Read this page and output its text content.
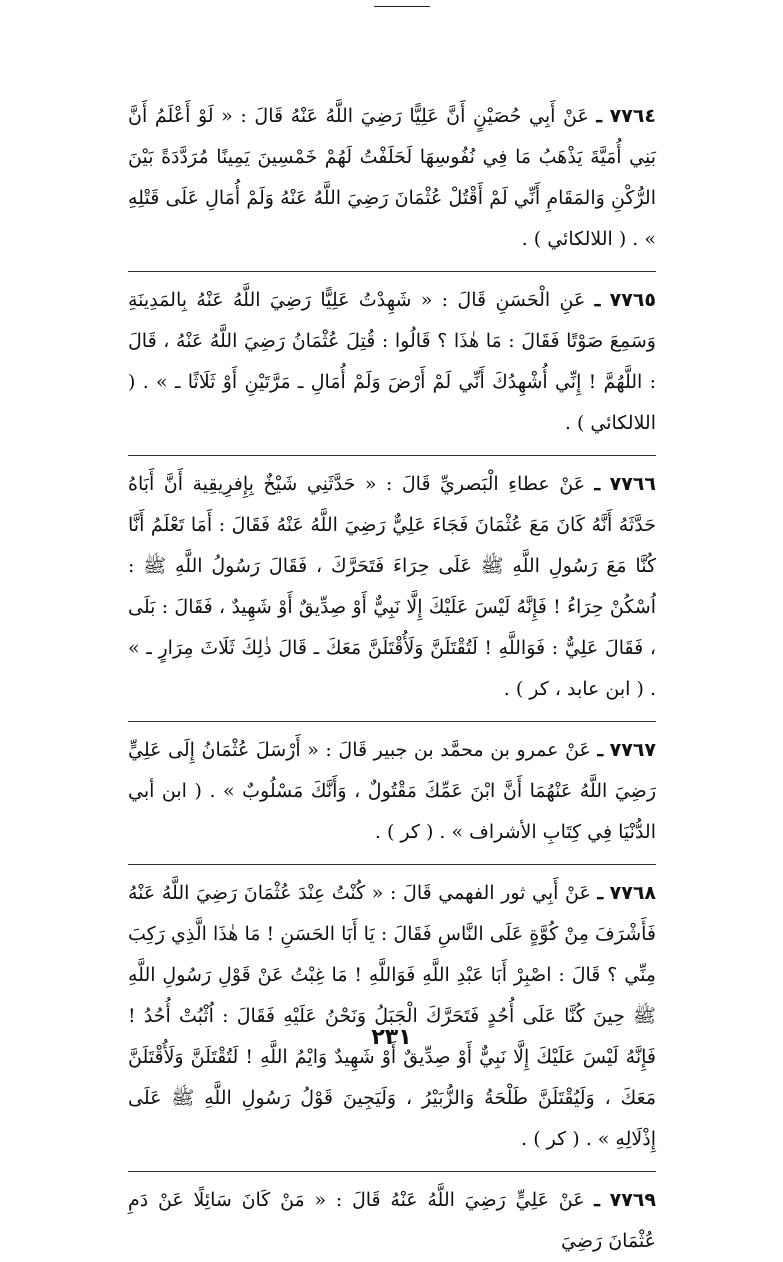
٧٧٦٤ ـ عَنْ أَبِي حُصَيْنٍ أَنَّ عَلِيًّا رَضِيَ اللَّهُ عَنْهُ قَالَ : « لَوْ أَعْلَمُ أَنَّ بَنِي أُمَيَّةَ يَذْهَبُ مَا فِي نُفُوسِهَا لَحَلَفْتُ لَهُمْ خَمْسِينَ يَمِينًا مُرَدَّدَةً بَيْنَ الرُّكْنِ وَالمَقَامِ أَنِّي لَمْ أَقْتُلْ عُثْمَانَ رَضِيَ اللَّهُ عَنْهُ وَلَمْ أُمَالِ عَلَى قَتْلِهِ » . ( اللالكائي ) .
٧٧٦٥ ـ عَنِ الْحَسَنِ قَالَ : « شَهِدْتُ عَلِيًّا رَضِيَ اللَّهُ عَنْهُ بِالمَدِينَةِ وَسَمِعَ صَوْتًا فَقَالَ : مَا هٰذَا ؟ قَالُوا : قُتِلَ عُثْمَانُ رَضِيَ اللَّهُ عَنْهُ ، قَالَ : اللَّهُمَّ ! إِنِّي أُشْهِدُكَ أَنِّي لَمْ أَرْضَ وَلَمْ أُمَالِ ـ مَرَّتَيْنِ أَوْ ثَلَاثًا ـ » . ( اللالكائي ) .
٧٧٦٦ ـ عَنْ عطاءِ الْبَصريِّ قَالَ : « حَدَّثَنِي شَيْخٌ بِإِفرِيقِية أَنَّ أَبَاهُ حَدَّثَهُ أَنَّهُ كَانَ مَعَ عُثْمَانَ فَجَاءَ عَلِيٌّ رَضِيَ اللَّهُ عَنْهُ فَقَالَ : أَمَا تَعْلَمُ أَنَّا كُنَّا مَعَ رَسُولِ اللَّهِ ﷺ عَلَى حِرَاءَ فَتَحَرَّكَ ، فَقَالَ رَسُولُ اللَّهِ ﷺ : اُسْكُنْ حِرَاءُ ! فَإِنَّهُ لَيْسَ عَلَيْكَ إِلَّا نَبِيٌّ أَوْ صِدِّيقٌ أَوْ شَهِيدٌ ، فَقَالَ : بَلَى ، فَقَالَ عَلِيٌّ : فَوَاللَّهِ ! لَتُقْتَلَنَّ وَلَأُقْتَلَنَّ مَعَكَ ـ قَالَ ذٰلِكَ ثَلَاثَ مِرَارٍ ـ » . ( ابن عابد ، كر ) .
٧٧٦٧ ـ عَنْ عمرو بن محمَّد بن جبير قَالَ : « أَرْسَلَ عُثْمَانُ إِلَى عَلِيٍّ رَضِيَ اللَّهُ عَنْهُمَا أَنَّ ابْنَ عَمِّكَ مَقْتُولٌ ، وَأَنَّكَ مَسْلُوبٌ » . ( ابن أبي الدُّنْيَا فِي كِتَابِ الأشراف » . ( كر ) .
٧٧٦٨ ـ عَنْ أَبِي ثور الفهمي قَالَ : « كُنْتُ عِنْدَ عُثْمَانَ رَضِيَ اللَّهُ عَنْهُ فَأَشْرَفَ مِنْ كُوَّةٍ عَلَى النَّاسِ فَقَالَ : يَا أَبَا الحَسَنِ ! مَا هٰذَا الَّذِي رَكِبَ مِنِّي ؟ قَالَ : اصْبِرْ أَبَا عَبْدِ اللَّهِ فَوَاللَّهِ ! مَا غِبْتُ عَنْ قَوْلِ رَسُولِ اللَّهِ ﷺ حِينَ كُنَّا عَلَى أُحُدٍ فَتَحَرَّكَ الْجَبَلُ وَنَحْنُ عَلَيْهِ فَقَالَ : اُثْبُتْ أُحُدُ ! فَإِنَّهُ لَيْسَ عَلَيْكَ إِلَّا نَبِيٌّ أَوْ صِدِّيقٌ أَوْ شَهِيدٌ وَايْمُ اللَّهِ ! لَتُقْتَلَنَّ وَلَأُقْتَلَنَّ مَعَكَ ، وَلَيُقْتَلَنَّ طَلْحَةُ وَالزُّبَيْرُ ، وَلَيَجِينَ قَوْلُ رَسُولِ اللَّهِ ﷺ عَلَى إِذْلَالِهِ » . ( كر ) .
٧٧٦٩ ـ عَنْ عَلِيٍّ رَضِيَ اللَّهُ عَنْهُ قَالَ : « مَنْ كَانَ سَائِلًا عَنْ دَمِ عُثْمَانَ رَضِيَ
٢٣١
